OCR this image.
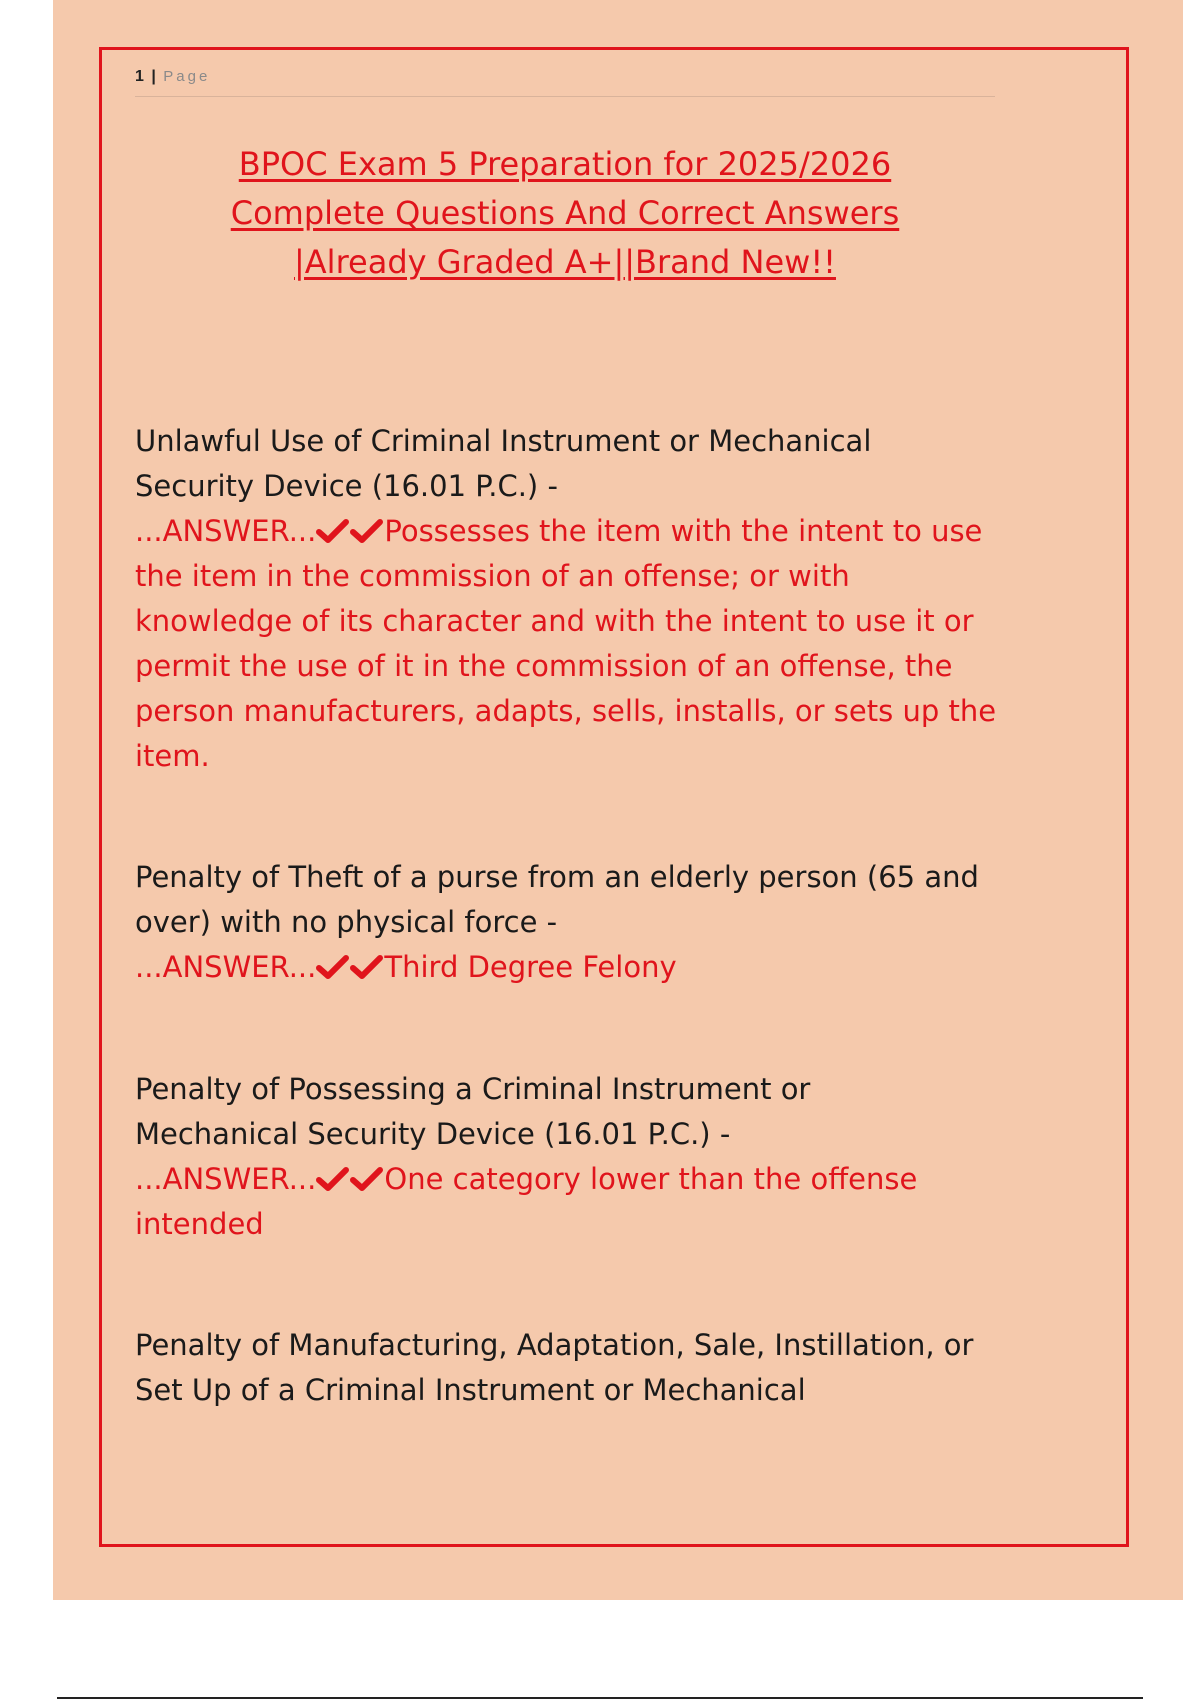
1 | Page
BPOC Exam 5 Preparation for 2025/2026
Complete Questions And Correct Answers
|Already Graded A+||Brand New!!
Unlawful Use of Criminal Instrument or Mechanical Security Device (16.01 P.C.) -
...ANSWER... Possesses the item with the intent to use the item in the commission of an offense; or with knowledge of its character and with the intent to use it or permit the use of it in the commission of an offense, the person manufacturers, adapts, sells, installs, or sets up the item.
Penalty of Theft of a purse from an elderly person (65 and over) with no physical force -
...ANSWER... Third Degree Felony
Penalty of Possessing a Criminal Instrument or Mechanical Security Device (16.01 P.C.) -
...ANSWER... One category lower than the offense intended
Penalty of Manufacturing, Adaptation, Sale, Instillation, or Set Up of a Criminal Instrument or Mechanical
